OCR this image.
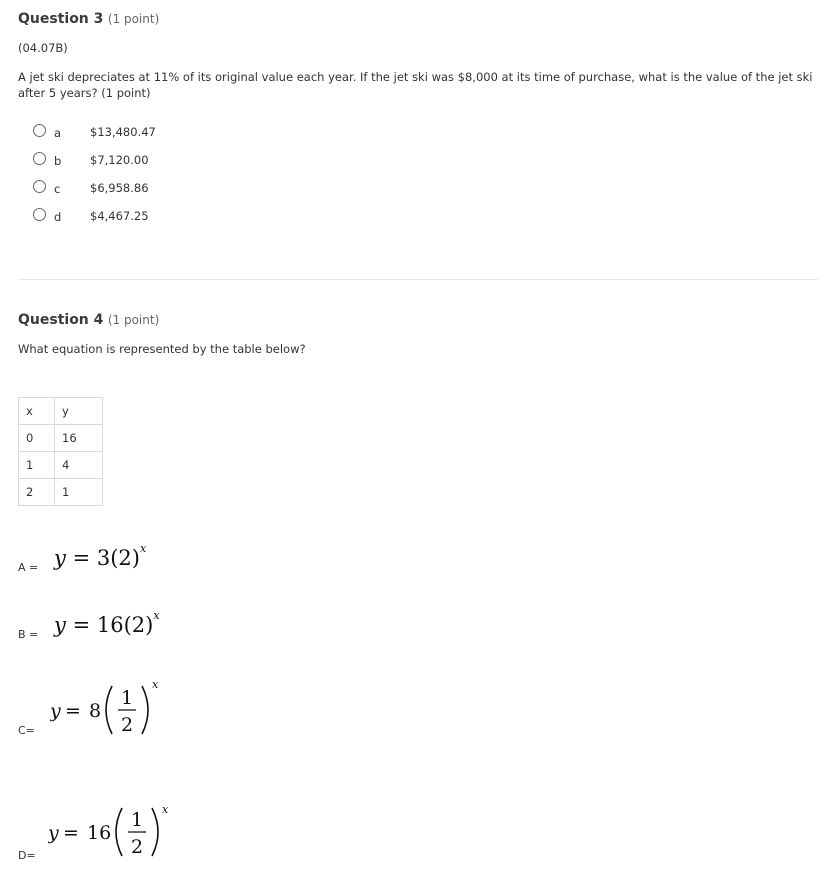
Question 3 (1 point)
(04.07B)
A jet ski depreciates at 11% of its original value each year. If the jet ski was $8,000 at its time of purchase, what is the value of the jet ski after 5 years? (1 point)
a	$13,480.47
b $7,120.00
c	$6,958.86
d $4,467.25
Question 4 (1 point)
What equation is represented by the table below?
x	y
0	16
1	4
2	1
$A = y = 3(2)^x$
$B = y = 16(2)^x$
C=
y = 8
1
2
x
D=
y = 16
1
2
x
